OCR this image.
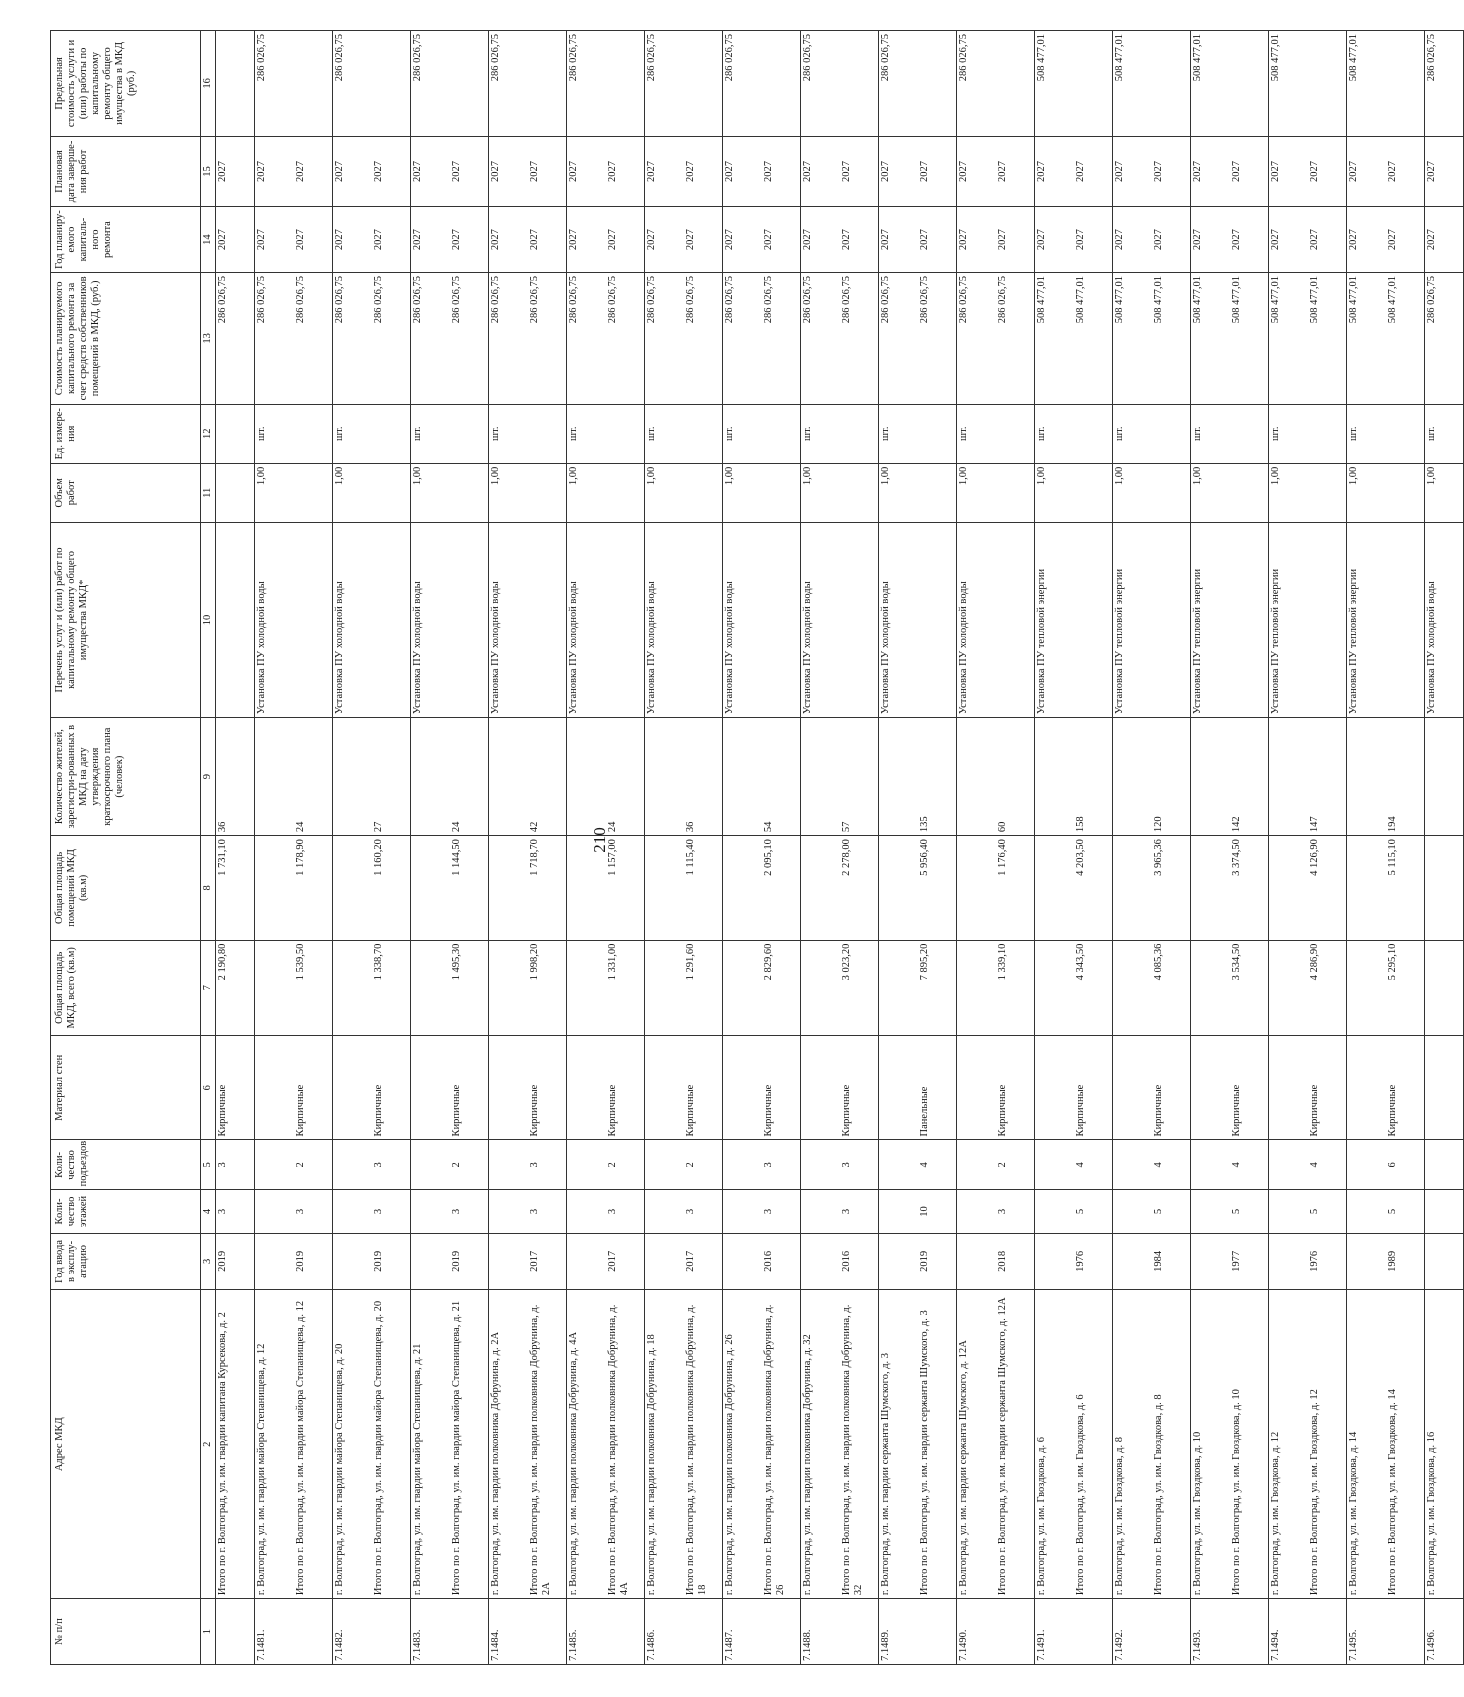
210
№ п/п	Адрес МКД	Год ввода в эксплу-атацию	Коли-чество этажей	Коли-чество подъездов	Материал стен	Общая площадь МКД, всего (кв.м)	Общая площадь помещений МКД (кв.м)	Количество жителей, зарегистри-рованных в МКД на дату утверждения краткосрочного плана (человек)	Перечень услуг и (или) работ по капитальному ремонту общего имущества МКД*	Объем работ	Ед. измере-ния	Стоимость планируемого капитального ремонта за счет средств собственников помещений в МКД, (руб.)	Год планиру-емого капиталь-ного ремонта	Плановая дата заверше-ния работ	Предельная стоимость услуги и (или) работы по капитальному ремонту общего имущества в МКД (руб.)
1	2	3	4	5	6	7	8	9	10	11	12	13	14	15	16
	Итого по г. Волгоград, ул. им. гвардии капитана Курсекова, д. 2	2019	3	3	Кирпичные	2 190,80	1 731,10	36				286 026,75	2027	2027	
7.1481.	г. Волгоград, ул. им. гвардии майора Степанищева, д. 12								Установка ПУ холодной воды	1,00	шт.	286 026,75	2027	2027	286 026,75
	Итого по г. Волгоград, ул. им. гвардии майора Степанищева, д. 12	2019	3	2	Кирпичные	1 539,50	1 178,90	24				286 026,75	2027	2027	
7.1482.	г. Волгоград, ул. им. гвардии майора Степанищева, д. 20								Установка ПУ холодной воды	1,00	шт.	286 026,75	2027	2027	286 026,75
	Итого по г. Волгоград, ул. им. гвардии майора Степанищева, д. 20	2019	3	3	Кирпичные	1 338,70	1 160,20	27				286 026,75	2027	2027	
7.1483.	г. Волгоград, ул. им. гвардии майора Степанищева, д. 21								Установка ПУ холодной воды	1,00	шт.	286 026,75	2027	2027	286 026,75
	Итого по г. Волгоград, ул. им. гвардии майора Степанищева, д. 21	2019	3	2	Кирпичные	1 495,30	1 144,50	24				286 026,75	2027	2027	
7.1484.	г. Волгоград, ул. им. гвардии полковника Добрунина, д. 2А								Установка ПУ холодной воды	1,00	шт.	286 026,75	2027	2027	286 026,75
	Итого по г. Волгоград, ул. им. гвардии полковника Добрунина, д. 2А	2017	3	3	Кирпичные	1 998,20	1 718,70	42				286 026,75	2027	2027	
7.1485.	г. Волгоград, ул. им. гвардии полковника Добрунина, д. 4А								Установка ПУ холодной воды	1,00	шт.	286 026,75	2027	2027	286 026,75
	Итого по г. Волгоград, ул. им. гвардии полковника Добрунина, д. 4А	2017	3	2	Кирпичные	1 331,00	1 157,00	24				286 026,75	2027	2027	
7.1486.	г. Волгоград, ул. им. гвардии полковника Добрунина, д. 18								Установка ПУ холодной воды	1,00	шт.	286 026,75	2027	2027	286 026,75
	Итого по г. Волгоград, ул. им. гвардии полковника Добрунина, д. 18	2017	3	2	Кирпичные	1 291,60	1 115,40	36				286 026,75	2027	2027	
7.1487.	г. Волгоград, ул. им. гвардии полковника Добрунина, д. 26								Установка ПУ холодной воды	1,00	шт.	286 026,75	2027	2027	286 026,75
	Итого по г. Волгоград, ул. им. гвардии полковника Добрунина, д. 26	2016	3	3	Кирпичные	2 829,60	2 095,10	54				286 026,75	2027	2027	
7.1488.	г. Волгоград, ул. им. гвардии полковника Добрунина, д. 32								Установка ПУ холодной воды	1,00	шт.	286 026,75	2027	2027	286 026,75
	Итого по г. Волгоград, ул. им. гвардии полковника Добрунина, д. 32	2016	3	3	Кирпичные	3 023,20	2 278,00	57				286 026,75	2027	2027	
7.1489.	г. Волгоград, ул. им. гвардии сержанта Шумского, д. 3								Установка ПУ холодной воды	1,00	шт.	286 026,75	2027	2027	286 026,75
	Итого по г. Волгоград, ул. им. гвардии сержанта Шумского, д. 3	2019	10	4	Панельные	7 895,20	5 956,40	135				286 026,75	2027	2027	
7.1490.	г. Волгоград, ул. им. гвардии сержанта Шумского, д. 12А								Установка ПУ холодной воды	1,00	шт.	286 026,75	2027	2027	286 026,75
	Итого по г. Волгоград, ул. им. гвардии сержанта Шумского, д. 12А	2018	3	2	Кирпичные	1 339,10	1 176,40	60				286 026,75	2027	2027	
7.1491.	г. Волгоград, ул. им. Гвоздкова, д. 6								Установка ПУ тепловой энергии	1,00	шт.	508 477,01	2027	2027	508 477,01
	Итого по г. Волгоград, ул. им. Гвоздкова, д. 6	1976	5	4	Кирпичные	4 343,50	4 203,50	158				508 477,01	2027	2027	
7.1492.	г. Волгоград, ул. им. Гвоздкова, д. 8								Установка ПУ тепловой энергии	1,00	шт.	508 477,01	2027	2027	508 477,01
	Итого по г. Волгоград, ул. им. Гвоздкова, д. 8	1984	5	4	Кирпичные	4 085,36	3 965,36	120				508 477,01	2027	2027	
7.1493.	г. Волгоград, ул. им. Гвоздкова, д. 10								Установка ПУ тепловой энергии	1,00	шт.	508 477,01	2027	2027	508 477,01
	Итого по г. Волгоград, ул. им. Гвоздкова, д. 10	1977	5	4	Кирпичные	3 534,50	3 374,50	142				508 477,01	2027	2027	
7.1494.	г. Волгоград, ул. им. Гвоздкова, д. 12								Установка ПУ тепловой энергии	1,00	шт.	508 477,01	2027	2027	508 477,01
	Итого по г. Волгоград, ул. им. Гвоздкова, д. 12	1976	5	4	Кирпичные	4 286,90	4 126,90	147				508 477,01	2027	2027	
7.1495.	г. Волгоград, ул. им. Гвоздкова, д. 14								Установка ПУ тепловой энергии	1,00	шт.	508 477,01	2027	2027	508 477,01
	Итого по г. Волгоград, ул. им. Гвоздкова, д. 14	1989	5	6	Кирпичные	5 295,10	5 115,10	194				508 477,01	2027	2027	
7.1496.	г. Волгоград, ул. им. Гвоздкова, д. 16								Установка ПУ холодной воды	1,00	шт.	286 026,75	2027	2027	286 026,75
